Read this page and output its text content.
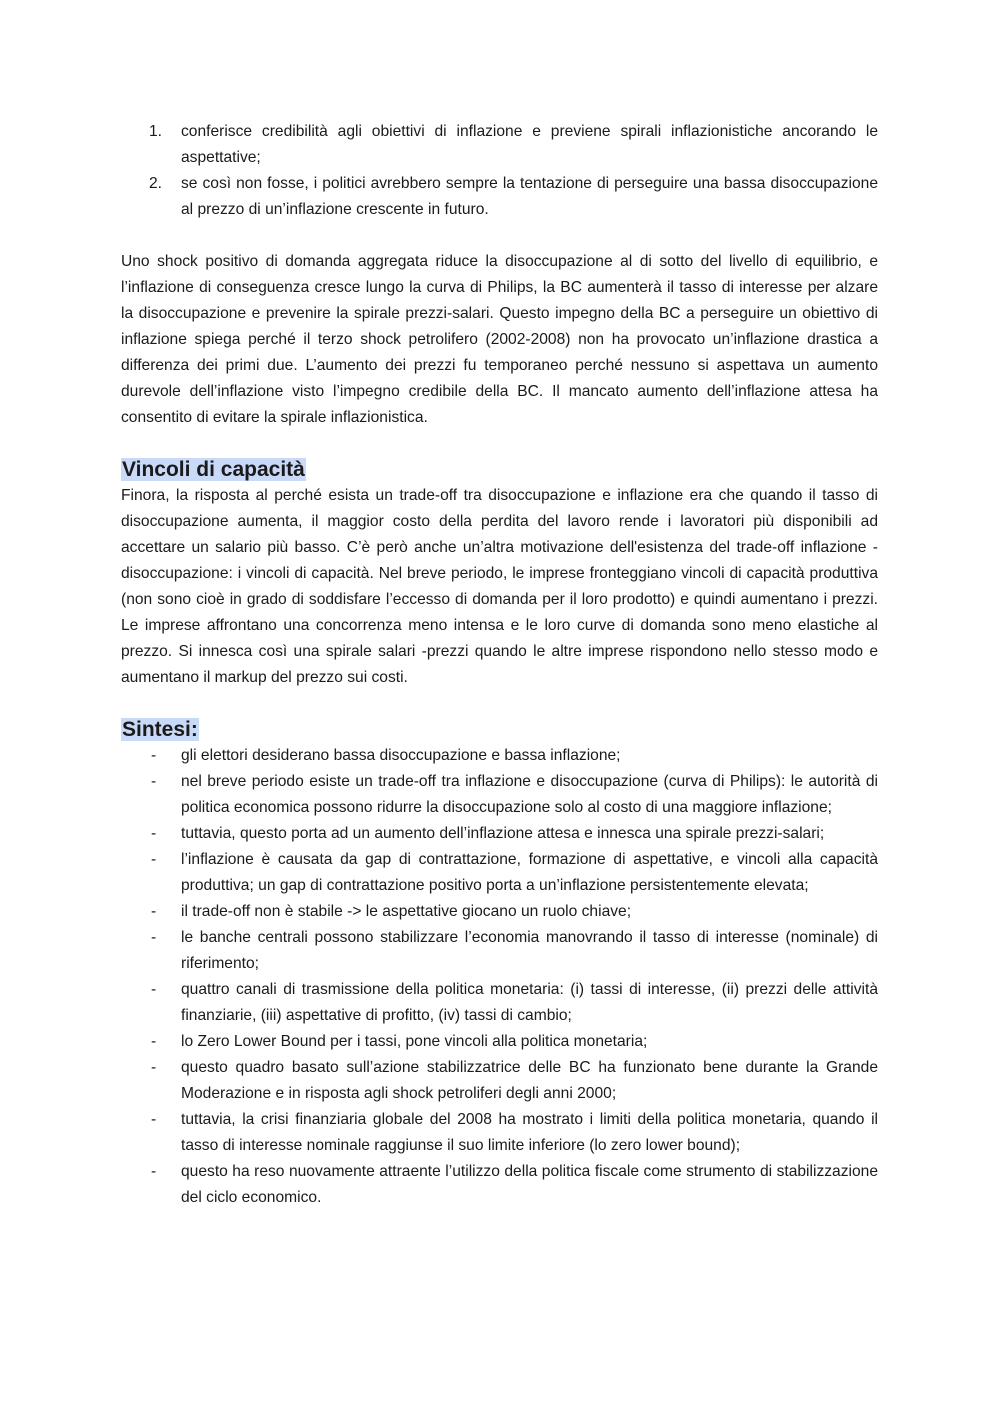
1.	conferisce credibilità agli obiettivi di inflazione e previene spirali inflazionistiche ancorando le aspettative;
2.	se così non fosse, i politici avrebbero sempre la tentazione di perseguire una bassa disoccupazione al prezzo di un’inflazione crescente in futuro.

Uno shock positivo di domanda aggregata riduce la disoccupazione al di sotto del livello di equilibrio, e l’inflazione di conseguenza cresce lungo la curva di Philips, la BC aumenterà il tasso di interesse per alzare la disoccupazione e prevenire la spirale prezzi-salari. Questo impegno della BC a perseguire un obiettivo di inflazione spiega perché il terzo shock petrolifero (2002-2008) non ha provocato un’inflazione drastica a differenza dei primi due. L’aumento dei prezzi fu temporaneo perché nessuno si aspettava un aumento durevole dell’inflazione visto l’impegno credibile della BC. Il mancato aumento dell’inflazione attesa ha consentito di evitare la spirale inflazionistica.

Vincoli di capacità

Finora, la risposta al perché esista un trade-off tra disoccupazione e inflazione era che quando il tasso di disoccupazione aumenta, il maggior costo della perdita del lavoro rende i lavoratori più disponibili ad accettare un salario più basso. C’è però anche un’altra motivazione dell'esistenza del trade-off inflazione - disoccupazione: i vincoli di capacità. Nel breve periodo, le imprese fronteggiano vincoli di capacità produttiva (non sono cioè in grado di soddisfare l’eccesso di domanda per il loro prodotto) e quindi aumentano i prezzi. Le imprese affrontano una concorrenza meno intensa e le loro curve di domanda sono meno elastiche al prezzo. Si innesca così una spirale salari -prezzi quando le altre imprese rispondono nello stesso modo e aumentano il markup del prezzo sui costi.

Sintesi:
-	gli elettori desiderano bassa disoccupazione e bassa inflazione;
-	nel breve periodo esiste un trade-off tra inflazione e disoccupazione (curva di Philips): le autorità di politica economica possono ridurre la disoccupazione solo al costo di una maggiore inflazione;
-	tuttavia, questo porta ad un aumento dell’inflazione attesa e innesca una spirale prezzi-salari;
-	l’inflazione è causata da gap di contrattazione, formazione di aspettative, e vincoli alla capacità produttiva; un gap di contrattazione positivo porta a un’inflazione persistentemente elevata;
-	il trade-off non è stabile -> le aspettative giocano un ruolo chiave;
-	le banche centrali possono stabilizzare l’economia manovrando il tasso di interesse (nominale) di riferimento;
-	quattro canali di trasmissione della politica monetaria: (i) tassi di interesse, (ii) prezzi delle attività finanziarie, (iii) aspettative di profitto, (iv) tassi di cambio;
-	lo Zero Lower Bound per i tassi, pone vincoli alla politica monetaria;
-	questo quadro basato sull’azione stabilizzatrice delle BC ha funzionato bene durante la Grande Moderazione e in risposta agli shock petroliferi degli anni 2000;
-	tuttavia, la crisi finanziaria globale del 2008 ha mostrato i limiti della politica monetaria, quando il tasso di interesse nominale raggiunse il suo limite inferiore (lo zero lower bound);
-	questo ha reso nuovamente attraente l’utilizzo della politica fiscale come strumento di stabilizzazione del ciclo economico.
